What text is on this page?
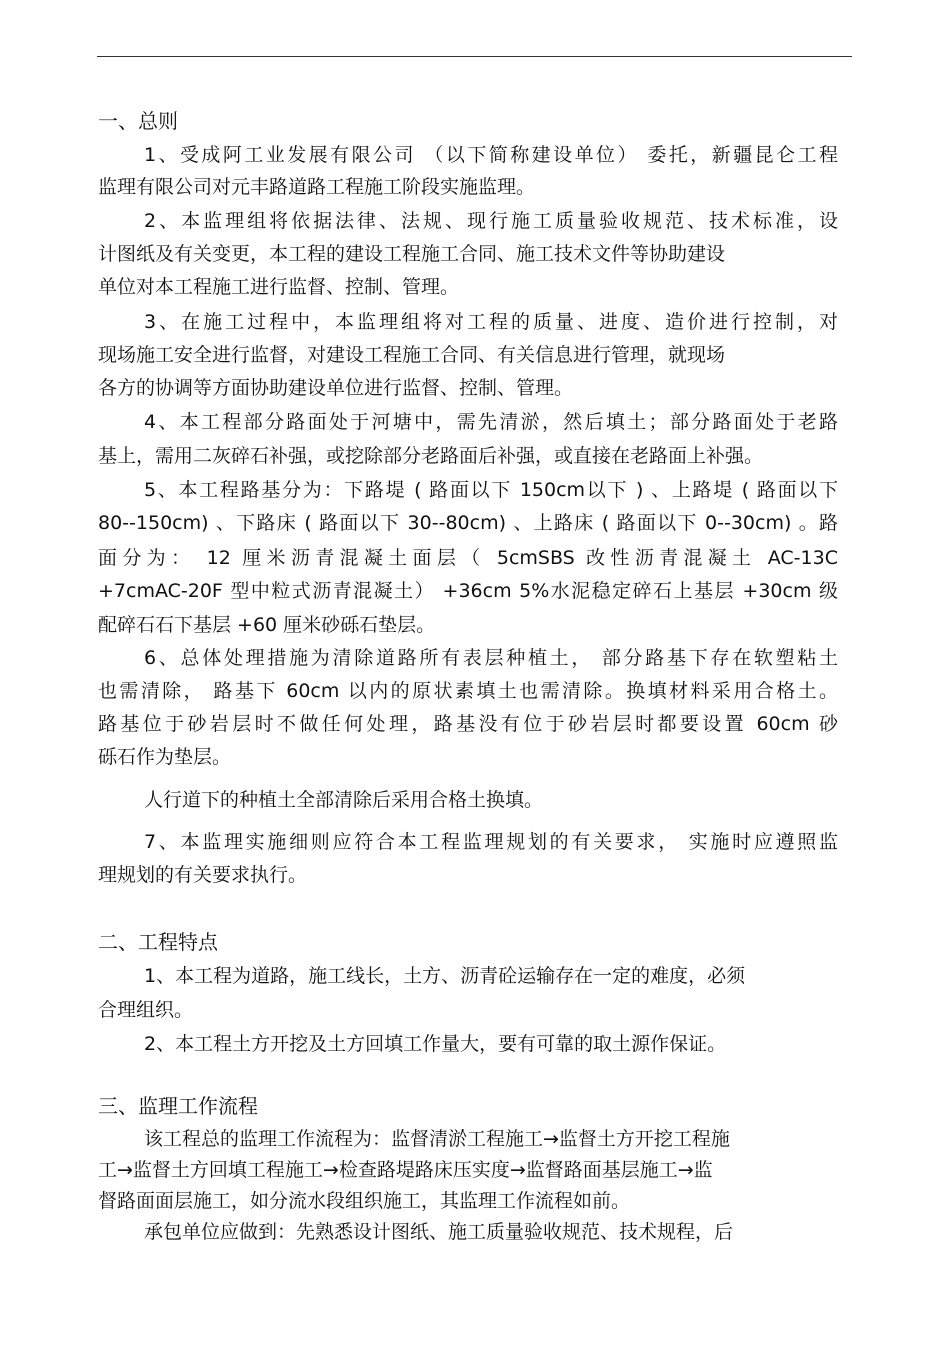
一、总则
1、受成阿工业发展有限公司 （以下简称建设单位） 委托，新疆昆仑工程
监理有限公司对元丰路道路工程施工阶段实施监理。
2、本监理组将依据法律、法规、现行施工质量验收规范、技术标准，设
计图纸及有关变更，本工程的建设工程施工合同、施工技术文件等协助建设
单位对本工程施工进行监督、控制、管理。
3、在施工过程中，本监理组将对工程的质量、进度、造价进行控制，对
现场施工安全进行监督，对建设工程施工合同、有关信息进行管理，就现场
各方的协调等方面协助建设单位进行监督、控制、管理。
4、本工程部分路面处于河塘中，需先清淤，然后填土；部分路面处于老路
基上，需用二灰碎石补强，或挖除部分老路面后补强，或直接在老路面上补强。
5、本工程路基分为：下路堤 ( 路面以下 150cm以下 ) 、上路堤 ( 路面以下
80--150cm) 、下路床 ( 路面以下 30--80cm) 、上路床 ( 路面以下 0--30cm) 。路
面分为： 12 厘米沥青混凝土面层（ 5cmSBS 改性沥青混凝土 AC-13C
+7cmAC-20F 型中粒式沥青混凝土） +36cm 5%水泥稳定碎石上基层 +30cm 级
配碎石石下基层 +60 厘米砂砾石垫层。
6、总体处理措施为清除道路所有表层种植土， 部分路基下存在软塑粘土
也需清除， 路基下 60cm 以内的原状素填土也需清除。换填材料采用合格土。
路基位于砂岩层时不做任何处理，路基没有位于砂岩层时都要设置 60cm 砂
砾石作为垫层。
人行道下的种植土全部清除后采用合格土换填。
7、本监理实施细则应符合本工程监理规划的有关要求， 实施时应遵照监
理规划的有关要求执行。
二、工程特点
1、本工程为道路，施工线长，土方、沥青砼运输存在一定的难度，必须
合理组织。
2、本工程土方开挖及土方回填工作量大，要有可靠的取土源作保证。
三、监理工作流程
该工程总的监理工作流程为：监督清淤工程施工→监督土方开挖工程施
工→监督土方回填工程施工→检查路堤路床压实度→监督路面基层施工→监
督路面面层施工，如分流水段组织施工，其监理工作流程如前。
承包单位应做到：先熟悉设计图纸、施工质量验收规范、技术规程，后
